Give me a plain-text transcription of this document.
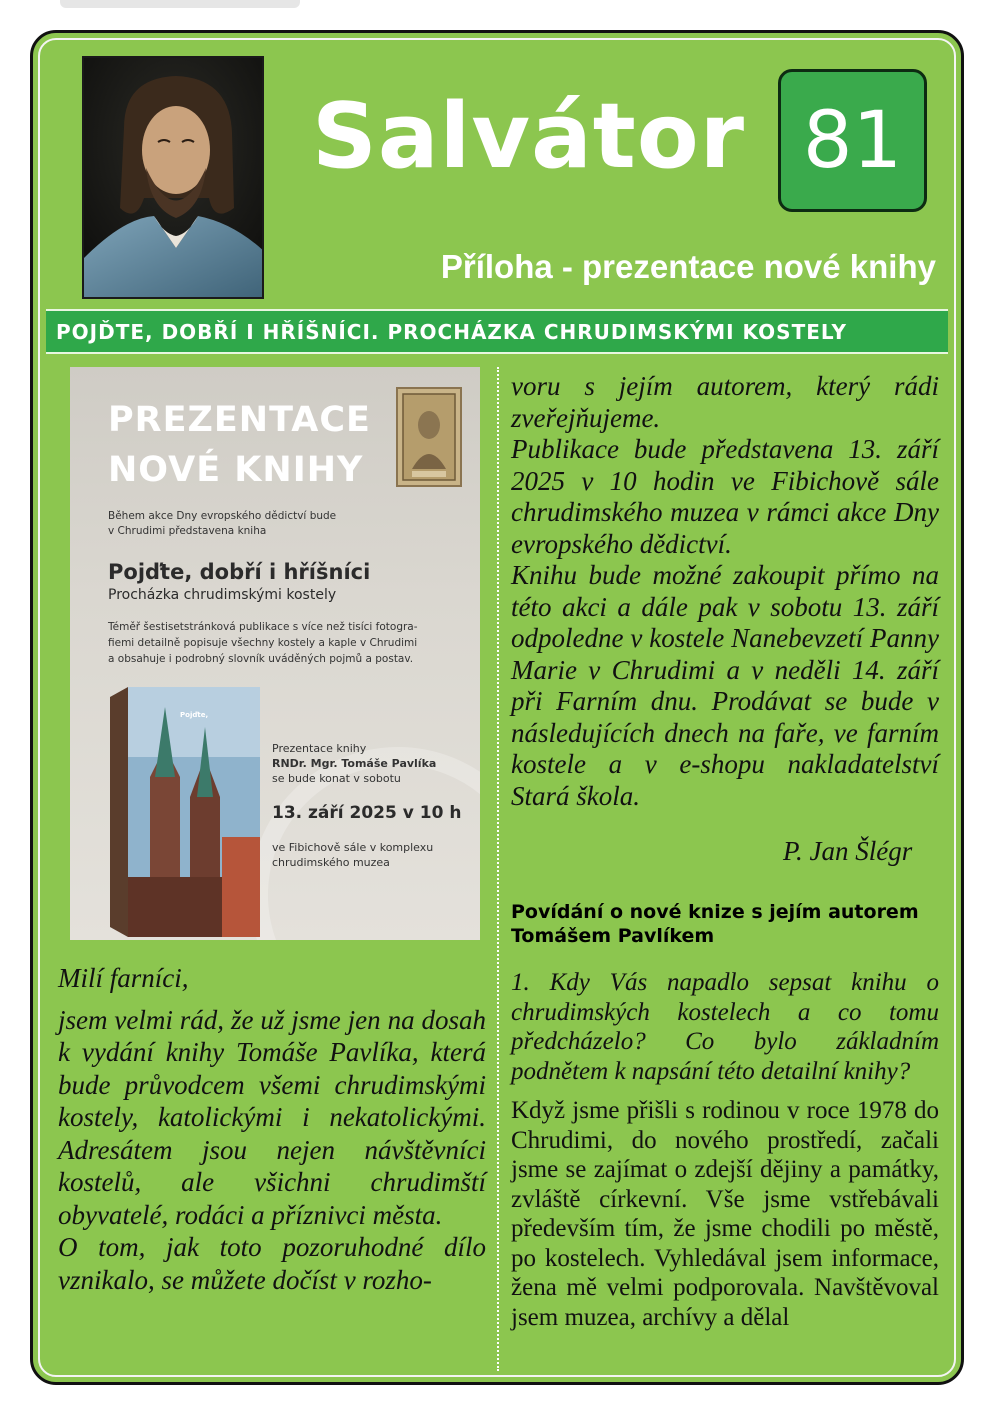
Salvátor 81
Příloha - prezentace nové knihy
POJĎTE, DOBŘÍ I HŘÍŠNÍCI. PROCHÁZKA CHRUDIMSKÝMI KOSTELY
PREZENTACE
NOVÉ KNIHY
Během akce Dny evropského dědictví bude
v Chrudimi představena kniha
Pojďte, dobří i hříšníci
Procházka chrudimskými kostely
Téměř šestisetstránková publikace s více než tisíci fotogra-
fiemi detailně popisuje všechny kostely a kaple v Chrudimi
a obsahuje i podrobný slovník uváděných pojmů a postav.
Pojďte,
Prezentace knihy
RNDr. Mgr. Tomáše Pavlíka
se bude konat v sobotu
13. září 2025 v 10 h
ve Fibichově sále v komplexu
chrudimského muzea

Milí farníci,

jsem velmi rád, že už jsme jen na dosah k vydání knihy Tomáše Pavlíka, která bude průvodcem všemi chrudimskými kostely, katolickými i nekatolickými. Adresátem jsou nejen návštěvníci kostelů, ale všichni chrudimští obyvatelé, rodáci a příznivci města.

O tom, jak toto pozoruhodné dílo vznikalo, se můžete dočíst v rozho-

voru s jejím autorem, který rádi zveřejňujeme.

Publikace bude představena 13. září 2025 v 10 hodin ve Fibichově sále chrudimského muzea v rámci akce Dny evropského dědictví.

Knihu bude možné zakoupit přímo na této akci a dále pak v sobotu 13. září odpoledne v kostele Nanebevzetí Panny Marie v Chrudimi a v neděli 14. září při Farním dnu. Prodávat se bude v následujících dnech na faře, ve farním kostele a v e-shopu nakladatelství Stará škola.

P. Jan Šlégr
Povídání o nové knize s jejím autorem Tomášem Pavlíkem
1. Kdy Vás napadlo sepsat knihu o chrudimských kostelech a co tomu předcházelo? Co bylo základním podnětem k napsání této detailní knihy?
Když jsme přišli s rodinou v roce 1978 do Chrudimi, do nového prostředí, začali jsme se zajímat o zdejší dějiny a památky, zvláště církevní. Vše jsme vstřebávali především tím, že jsme chodili po městě, po kostelech. Vyhledával jsem informace, žena mě velmi podporovala. Navštěvoval jsem muzea, archívy a dělal
